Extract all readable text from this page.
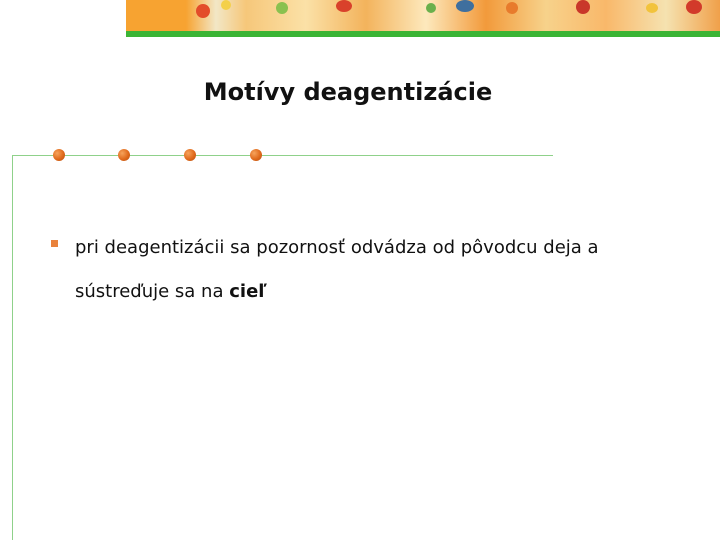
Motívy deagentizácie
pri deagentizácii sa pozornosť odvádza od pôvodcu deja a sústreďuje sa na cieľ
